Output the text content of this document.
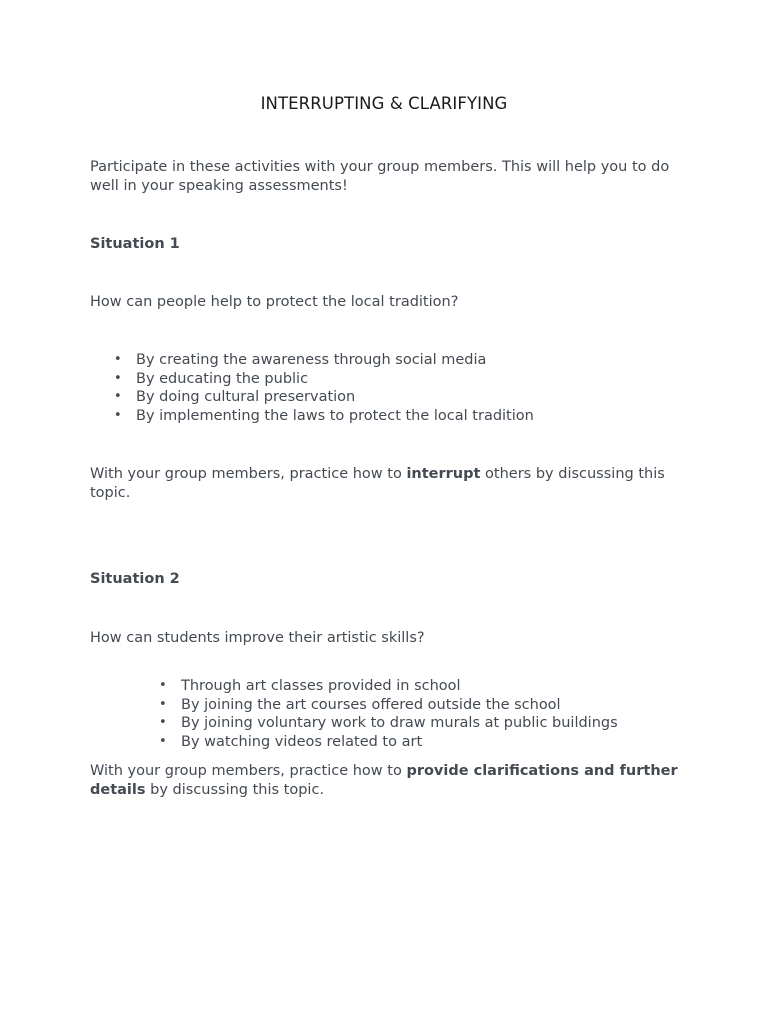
INTERRUPTING & CLARIFYING
Participate in these activities with your group members. This will help you to do well in your speaking assessments!
Situation 1
How can people help to protect the local tradition?
• By creating the awareness through social media
• By educating the public
• By doing cultural preservation
• By implementing the laws to protect the local tradition
With your group members, practice how to interrupt others by discussing this topic.
Situation 2
How can students improve their artistic skills?
• Through art classes provided in school
• By joining the art courses offered outside the school
• By joining voluntary work to draw murals at public buildings
• By watching videos related to art
With your group members, practice how to provide clarifications and further details by discussing this topic.
